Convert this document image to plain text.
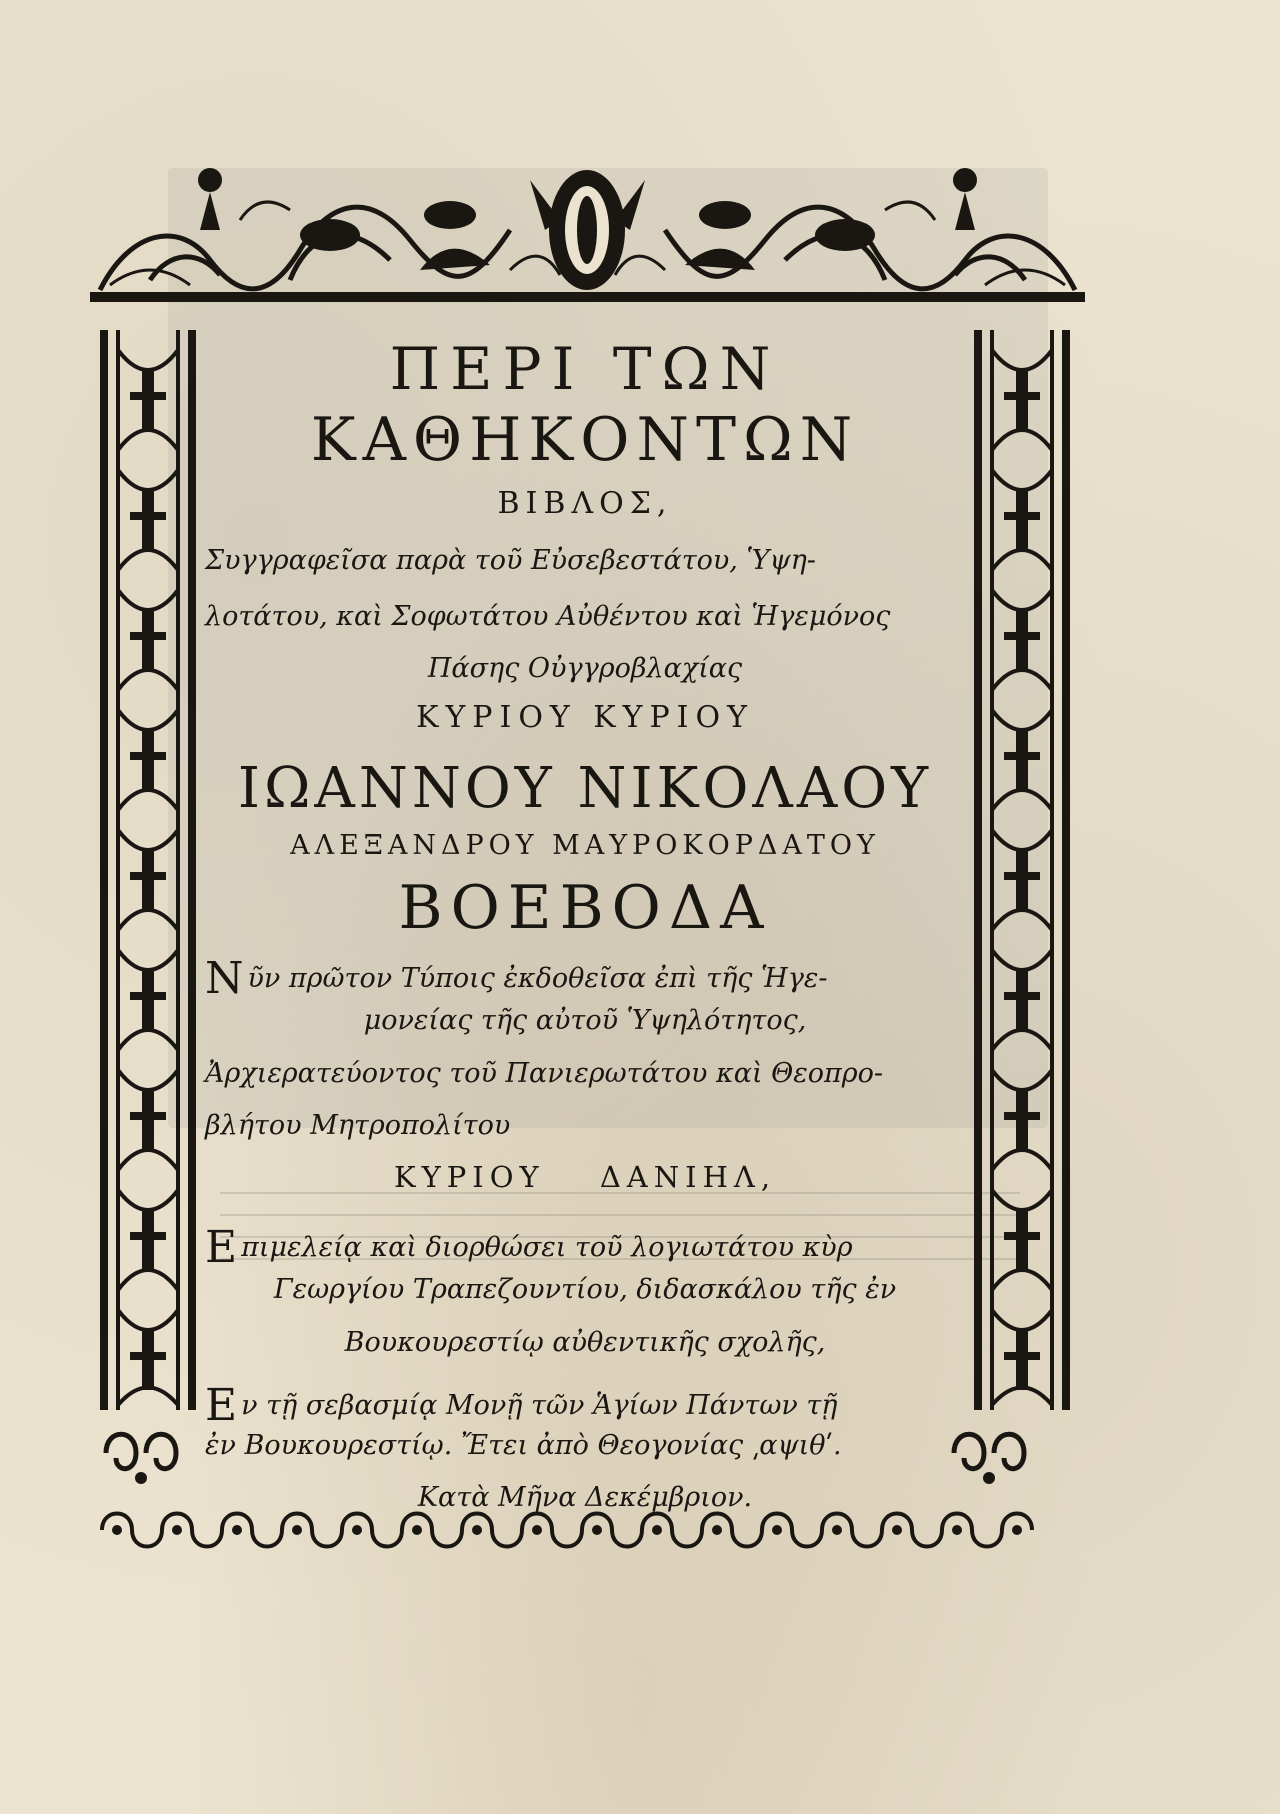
ΠΕΡΙ ΤΩΝ
ΚΑΘΗΚΟΝΤΩΝ
ΒΙΒΛΟΣ,
Συγγραφεῖσα παρὰ τοῦ Εὐσεβεστάτου, Ὑψη-
λοτάτου, καὶ Σοφωτάτου Αὐθέντου καὶ Ἡγεμόνος
Πάσης Οὐγγροβλαχίας
ΚΥΡΙΟΥ ΚΥΡΙΟΥ
ΙΩΑΝΝΟΥ ΝΙΚΟΛΑΟΥ
ΑΛΕΞΑΝΔΡΟΥ ΜΑΥΡΟΚΟΡΔΑΤΟΥ
ΒΟΕΒΟΔΑ
Νῦν πρῶτον Τύποις ἐκδοθεῖσα ἐπὶ τῆς Ἡγε-
μονείας τῆς αὐτοῦ Ὑψηλότητος,
Ἀρχιερατεύοντος τοῦ Πανιερωτάτου καὶ Θεοπρο-
βλήτου Μητροπολίτου
ΚΥΡΙΟΥ ΔΑΝΙΗΛ,
Επιμελείᾳ καὶ διορθώσει τοῦ λογιωτάτου κὺρ
Γεωργίου Τραπεζουντίου, διδασκάλου τῆς ἐν
Βουκουρεστίῳ αὐθεντικῆς σχολῆς,
Εν τῇ σεβασμίᾳ Μονῇ τῶν Ἁγίων Πάντων τῇ
ἐν Βουκουρεστίῳ. Ἔτει ἀπὸ Θεογονίας ͵αψιθʹ.
Κατὰ Μῆνα Δεκέμβριον.
